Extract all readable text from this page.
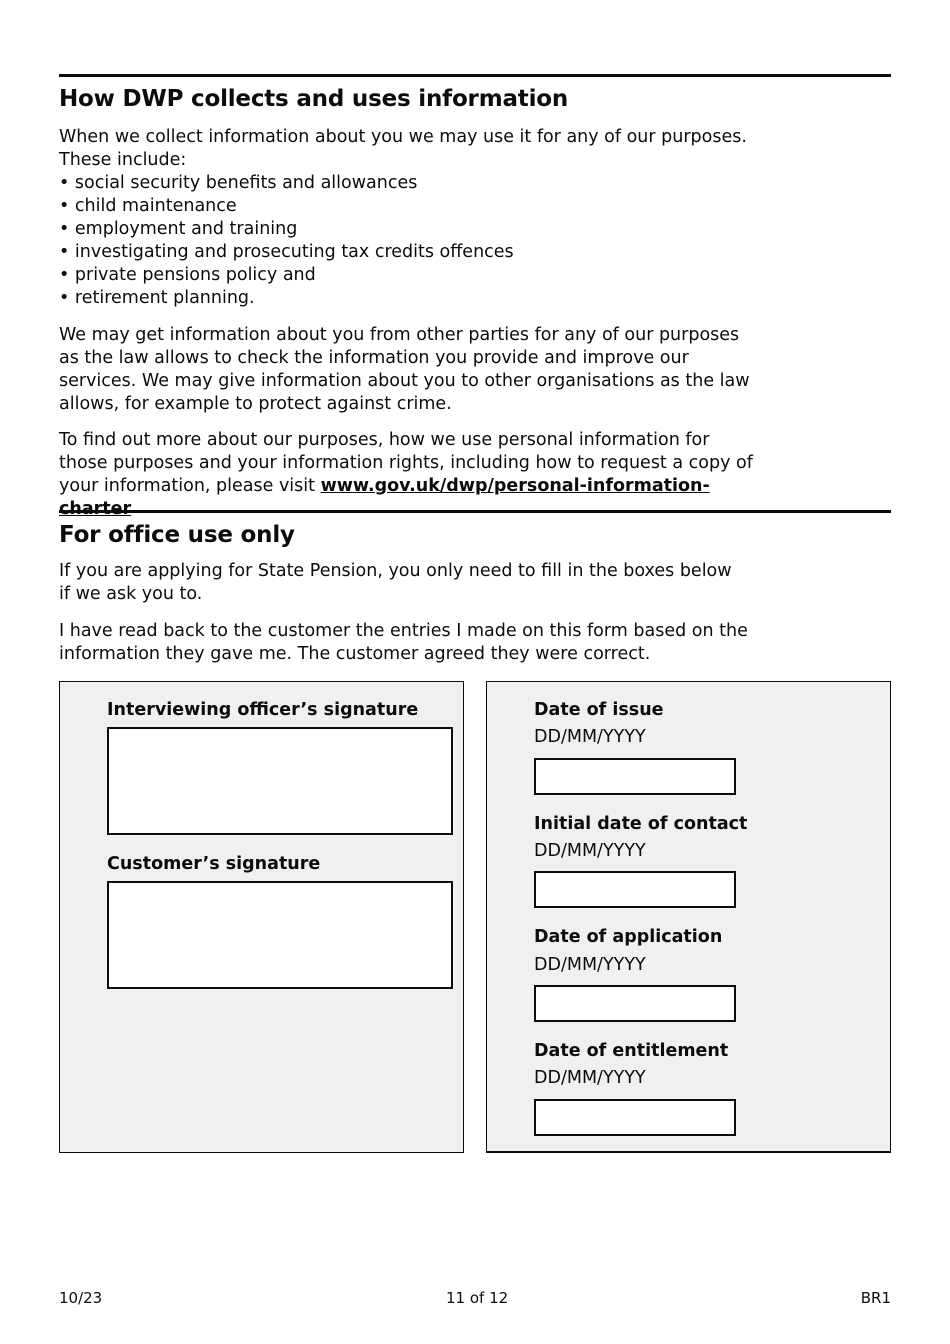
How DWP collects and uses information

When we collect information about you we may use it for any of our purposes.

These include:

• social security benefits and allowances
• child maintenance
• employment and training
• investigating and prosecuting tax credits offences
• private pensions policy and
• retirement planning.

We may get information about you from other parties for any of our purposes as the law allows to check the information you provide and improve our services. We may give information about you to other organisations as the law allows, for example to protect against crime.

To find out more about our purposes, how we use personal information for those purposes and your information rights, including how to request a copy of your information, please visit www.gov.uk/dwp/personal-information-charter

For office use only

If you are applying for State Pension, you only need to fill in the boxes below if we ask you to.

I have read back to the customer the entries I made on this form based on the information they gave me. The customer agreed they were correct.

Interviewing officer’s signature
Customer’s signature
Date of issue
DD/MM/YYYY
Initial date of contact
DD/MM/YYYY
Date of application
DD/MM/YYYY
Date of entitlement
DD/MM/YYYY
10/23	11 of 12	BR1
